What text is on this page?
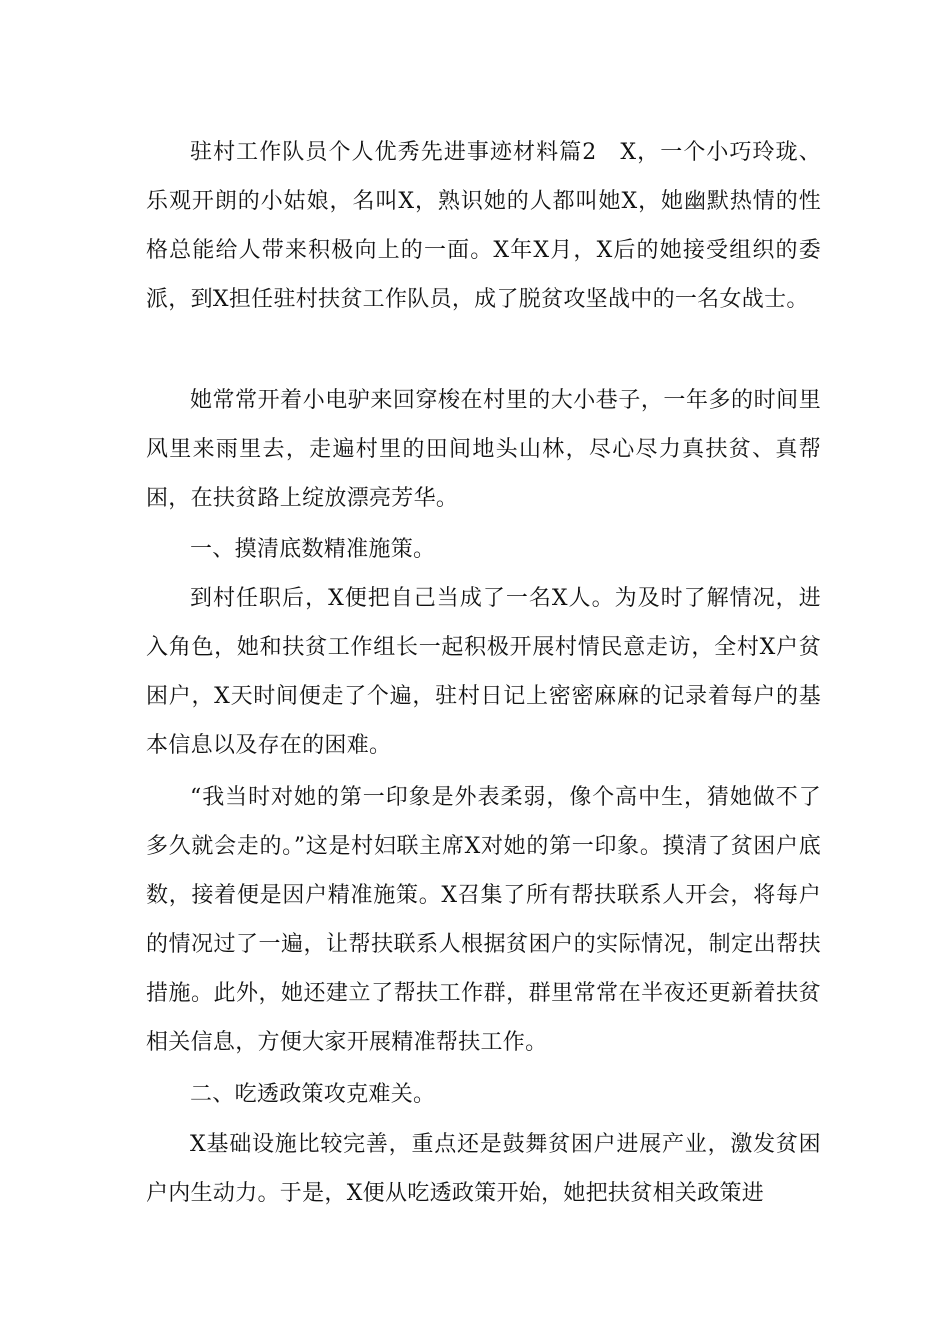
驻村工作队员个人优秀先进事迹材料篇2　X，一个小巧玲珑、乐观开朗的小姑娘，名叫X，熟识她的人都叫她X，她幽默热情的性格总能给人带来积极向上的一面。X年X月，X后的她接受组织的委派，到X担任驻村扶贫工作队员，成了脱贫攻坚战中的一名女战士。

她常常开着小电驴来回穿梭在村里的大小巷子，一年多的时间里风里来雨里去，走遍村里的田间地头山林，尽心尽力真扶贫、真帮困，在扶贫路上绽放漂亮芳华。

一、摸清底数精准施策。

到村任职后，X便把自己当成了一名X人。为及时了解情况，进入角色，她和扶贫工作组长一起积极开展村情民意走访，全村X户贫困户，X天时间便走了个遍，驻村日记上密密麻麻的记录着每户的基本信息以及存在的困难。

“我当时对她的第一印象是外表柔弱，像个高中生，猜她做不了多久就会走的。”这是村妇联主席X对她的第一印象。摸清了贫困户底数，接着便是因户精准施策。X召集了所有帮扶联系人开会，将每户的情况过了一遍，让帮扶联系人根据贫困户的实际情况，制定出帮扶措施。此外，她还建立了帮扶工作群，群里常常在半夜还更新着扶贫相关信息，方便大家开展精准帮扶工作。

二、吃透政策攻克难关。

X基础设施比较完善，重点还是鼓舞贫困户进展产业，激发贫困户内生动力。于是，X便从吃透政策开始，她把扶贫相关政策进
